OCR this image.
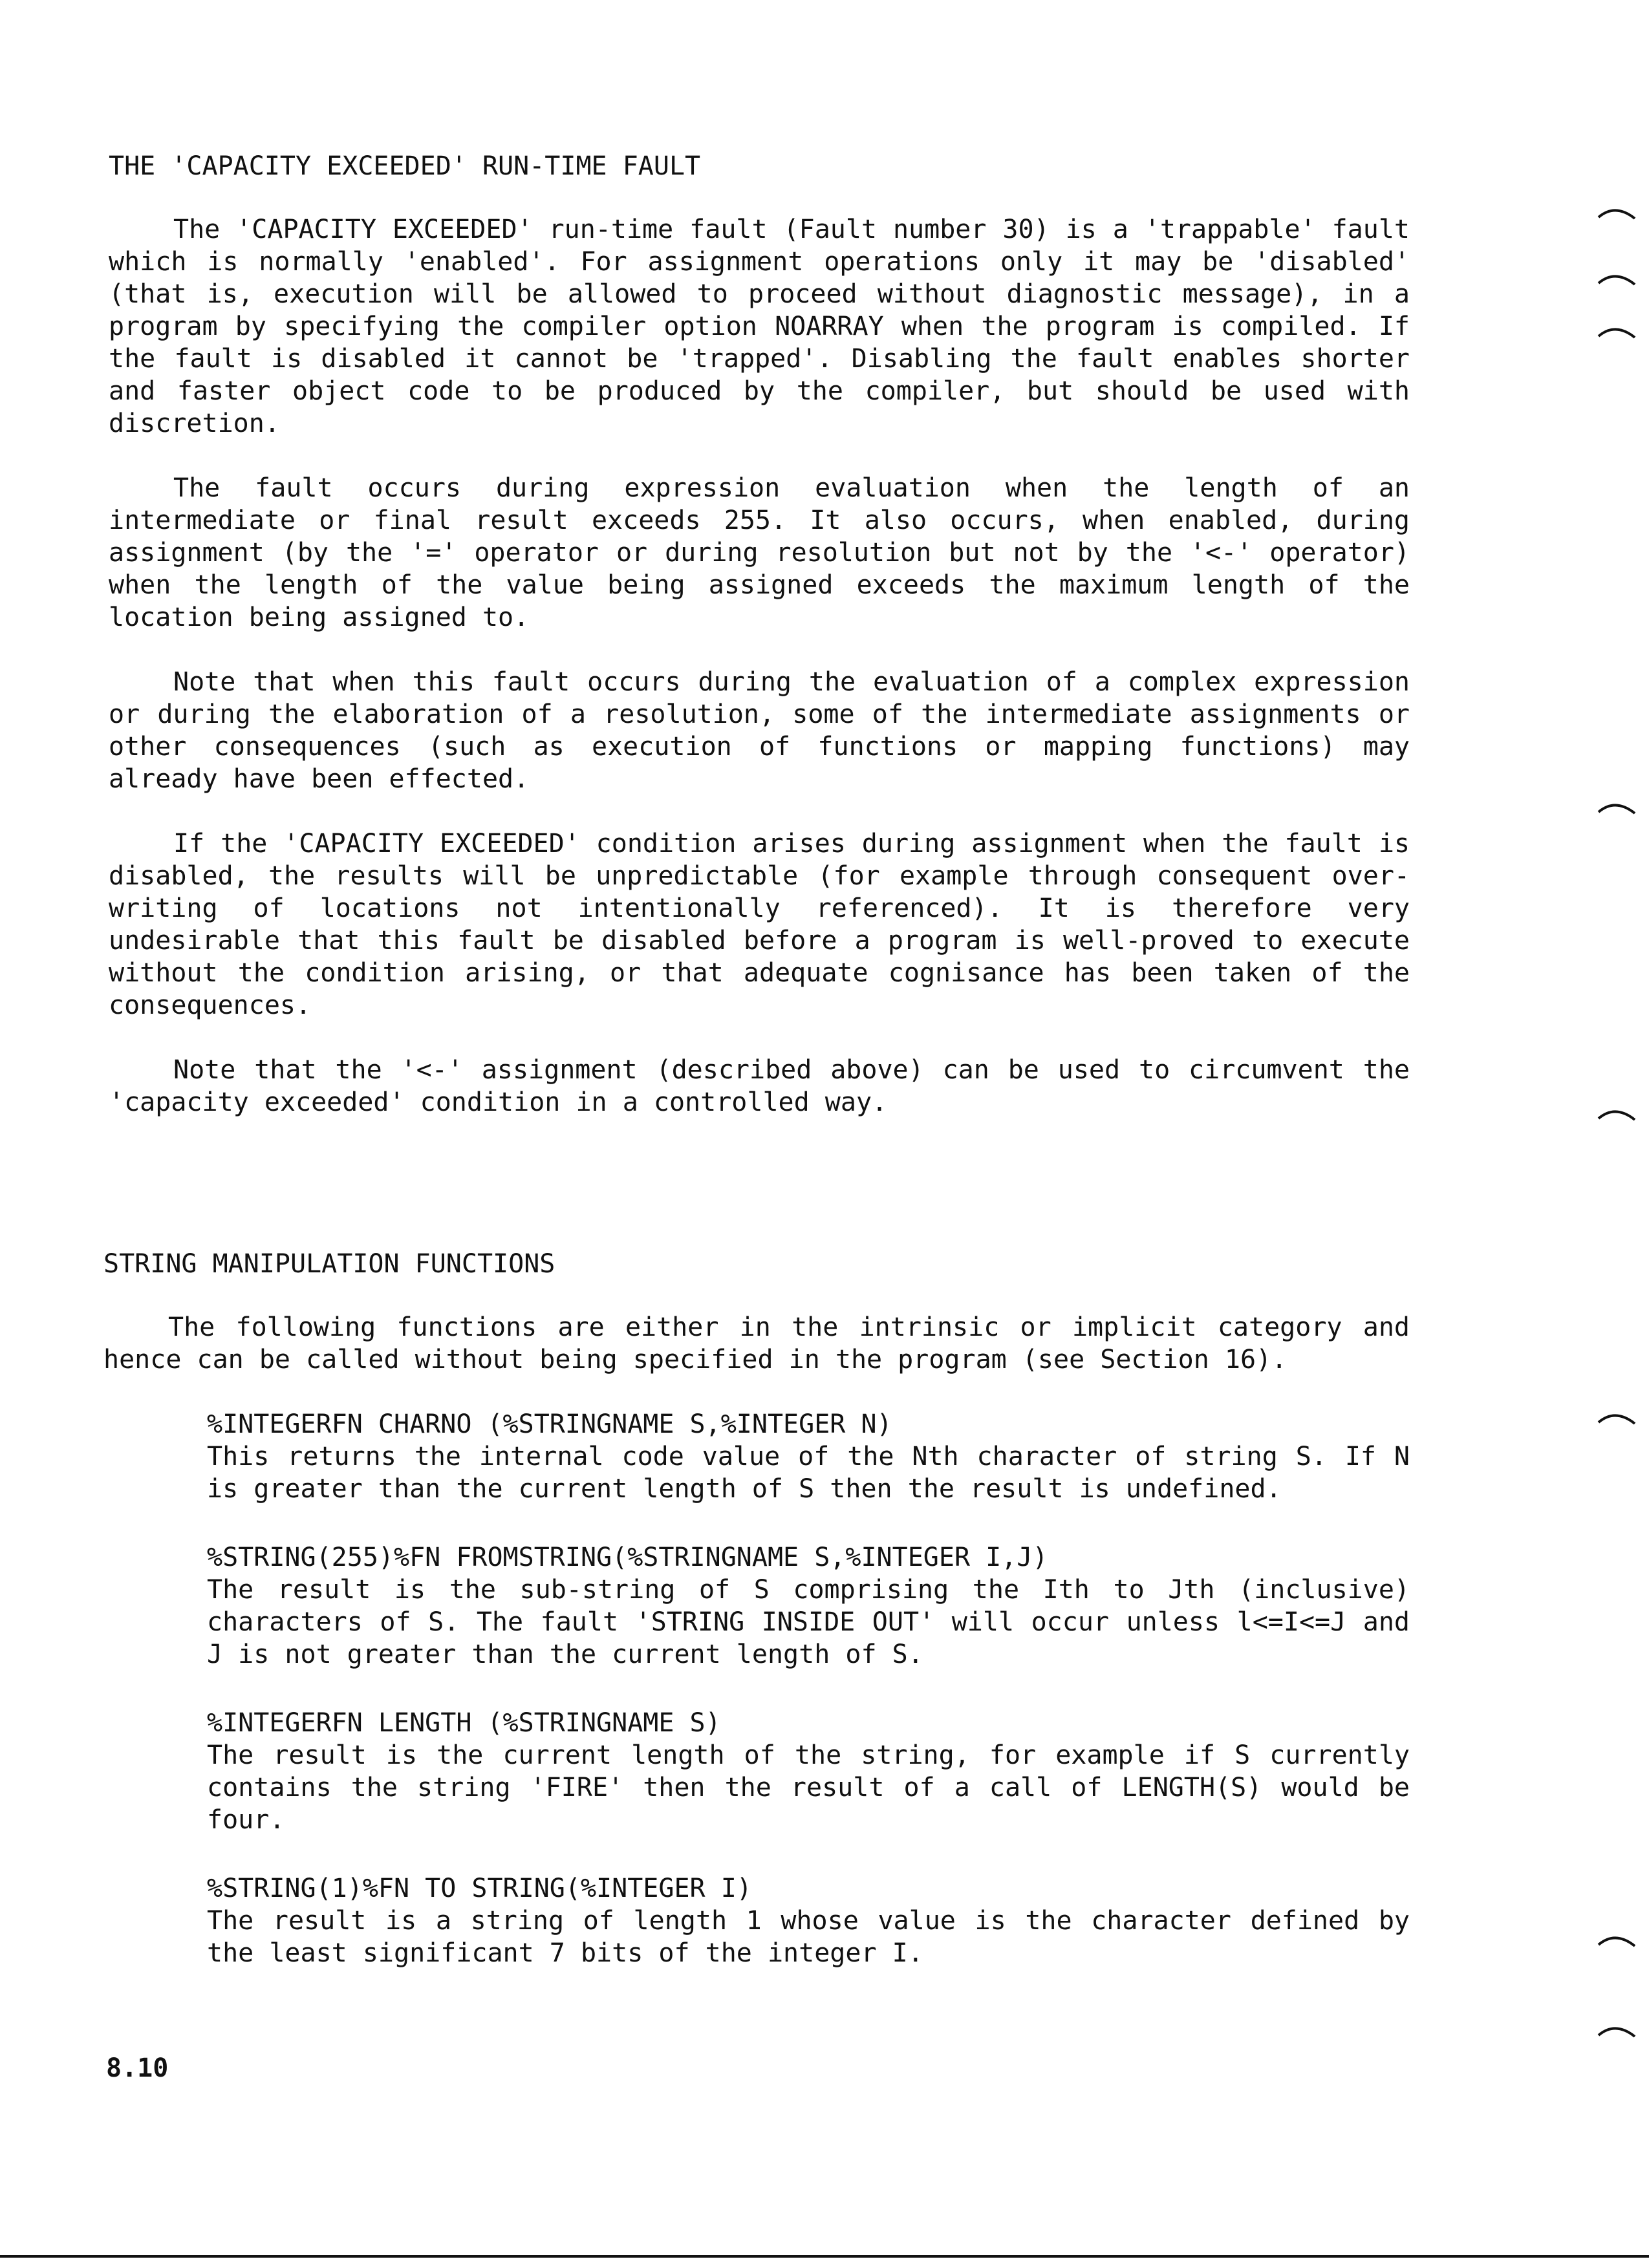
THE 'CAPACITY EXCEEDED' RUN-TIME FAULT

The 'CAPACITY EXCEEDED' run-time fault (Fault number 30) is a 'trappable' fault which is normally 'enabled'. For assignment operations only it may be 'disabled' (that is, execution will be allowed to proceed without diagnostic message), in a program by specifying the compiler option NOARRAY when the program is compiled. If the fault is disabled it cannot be 'trapped'. Disabling the fault enables shorter and faster object code to be produced by the compiler, but should be used with discretion.

The fault occurs during expression evaluation when the length of an intermediate or final result exceeds 255. It also occurs, when enabled, during assignment (by the '=' operator or during resolution but not by the '<-' operator) when the length of the value being assigned exceeds the maximum length of the location being assigned to.

Note that when this fault occurs during the evaluation of a complex expression or during the elaboration of a resolution, some of the intermediate assignments or other consequences (such as execution of functions or mapping functions) may already have been effected.

If the 'CAPACITY EXCEEDED' condition arises during assignment when the fault is disabled, the results will be unpredictable (for example through consequent over-writing of locations not intentionally referenced). It is therefore very undesirable that this fault be disabled before a program is well-proved to execute without the condition arising, or that adequate cognisance has been taken of the consequences.

Note that the '<-' assignment (described above) can be used to circumvent the 'capacity exceeded' condition in a controlled way.

STRING MANIPULATION FUNCTIONS

The following functions are either in the intrinsic or implicit category and hence can be called without being specified in the program (see Section 16).

%INTEGERFN CHARNO (%STRINGNAME S,%INTEGER N)

This returns the internal code value of the Nth character of string S. If N is greater than the current length of S then the result is undefined.

%STRING(255)%FN FROMSTRING(%STRINGNAME S,%INTEGER I,J)

The result is the sub-string of S comprising the Ith to Jth (inclusive) characters of S. The fault 'STRING INSIDE OUT' will occur unless l<=I<=J and J is not greater than the current length of S.

%INTEGERFN LENGTH (%STRINGNAME S)

The result is the current length of the string, for example if S currently contains the string 'FIRE' then the result of a call of LENGTH(S) would be four.

%STRING(1)%FN TO STRING(%INTEGER I)

The result is a string of length 1 whose value is the character defined by the least significant 7 bits of the integer I.

8.10
